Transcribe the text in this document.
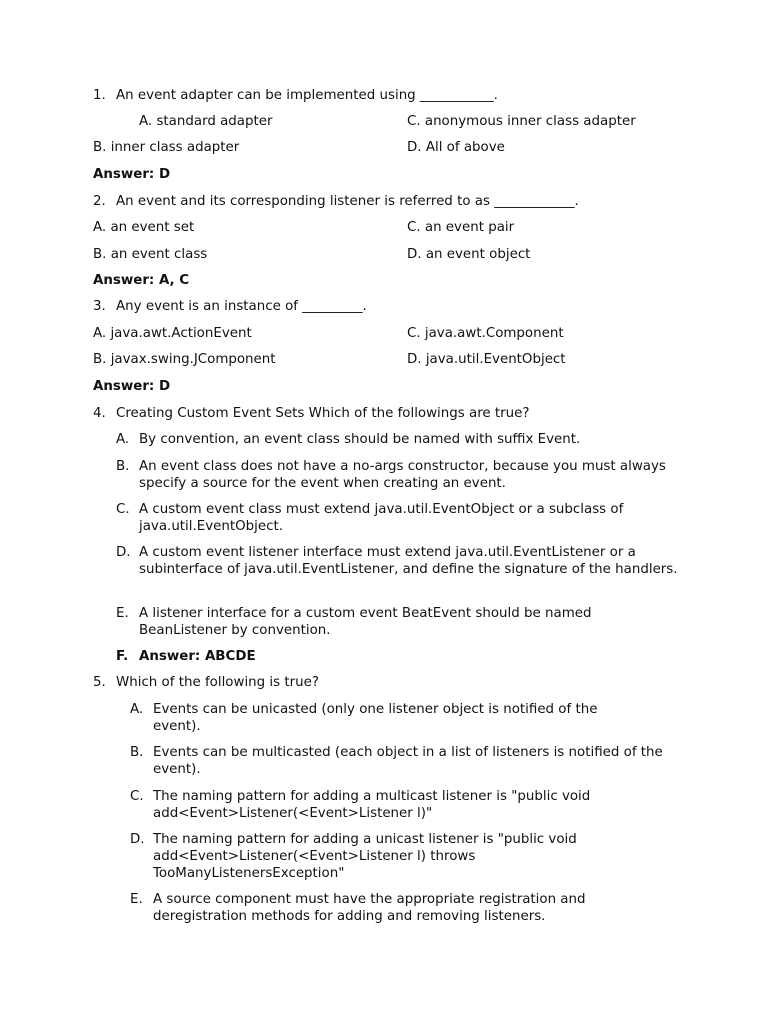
1. An event adapter can be implemented using ___________.
A. standard adapter	C. anonymous inner class adapter
B. inner class adapter	D. All of above
Answer: D
2. An event and its corresponding listener is referred to as ____________.
A. an event set	C. an event pair
B. an event class	D. an event object
Answer: A, C
3. Any event is an instance of _________.
A. java.awt.ActionEvent	C. java.awt.Component
B. javax.swing.JComponent	D. java.util.EventObject
Answer: D
4. Creating Custom Event Sets Which of the followings are true?
A. By convention, an event class should be named with suffix Event.
B. An event class does not have a no-args constructor, because you must always specify a source for the event when creating an event.
C. A custom event class must extend java.util.EventObject or a subclass of java.util.EventObject.
D. A custom event listener interface must extend java.util.EventListener or a subinterface of java.util.EventListener, and define the signature of the handlers.
E. A listener interface for a custom event BeatEvent should be named BeanListener by convention.
F. Answer: ABCDE
5. Which of the following is true?
A. Events can be unicasted (only one listener object is notified of the event).
B. Events can be multicasted (each object in a list of listeners is notified of the event).
C. The naming pattern for adding a multicast listener is "public void add<Event>Listener(<Event>Listener l)"
D. The naming pattern for adding a unicast listener is "public void add<Event>Listener(<Event>Listener l) throws TooManyListenersException"
E. A source component must have the appropriate registration and deregistration methods for adding and removing listeners.
